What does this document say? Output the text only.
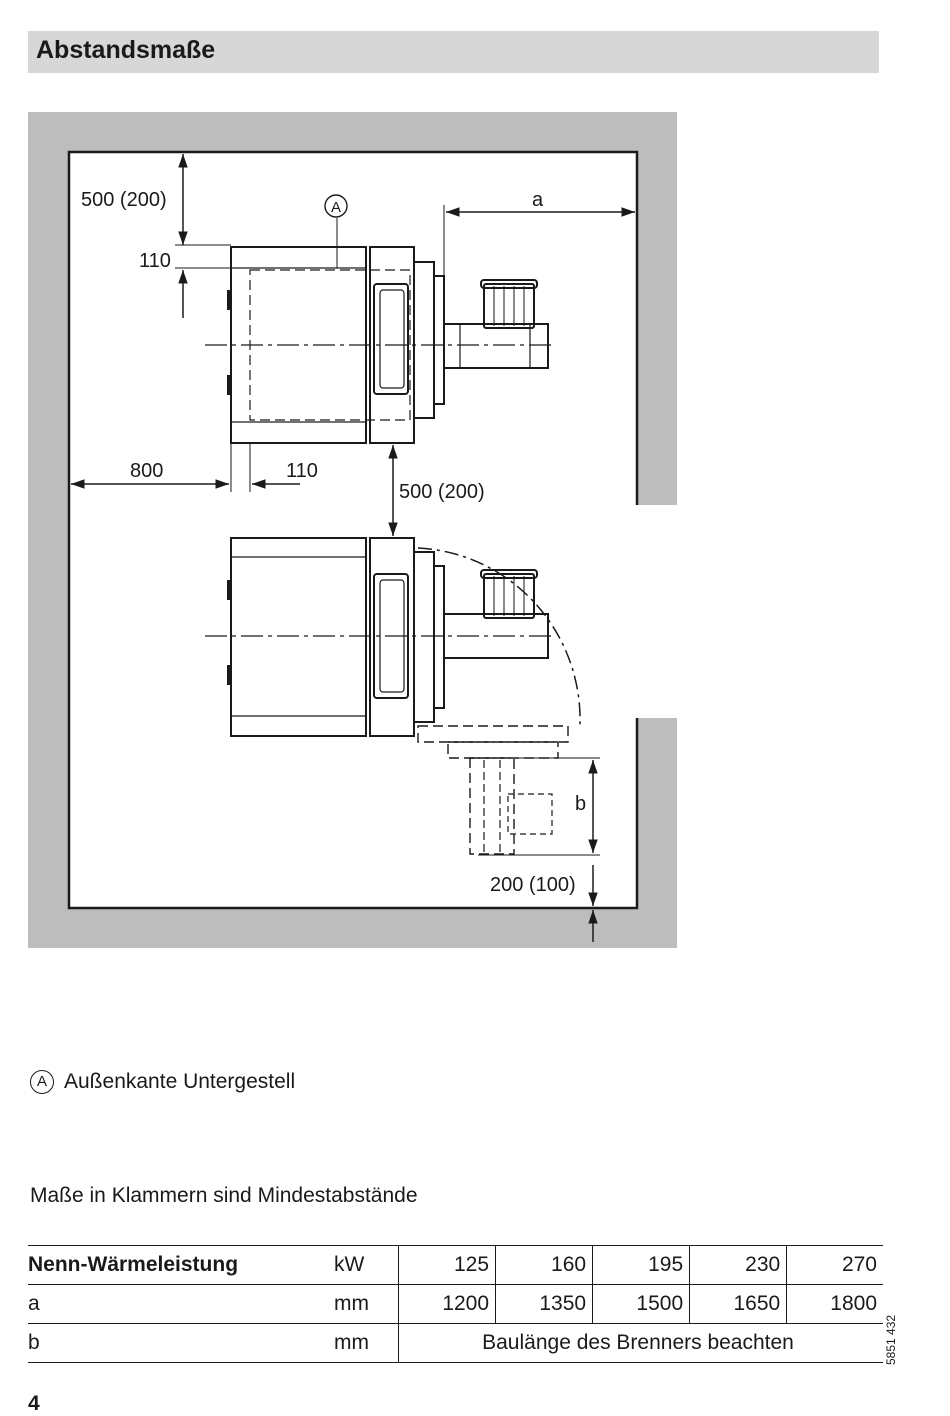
Abstandsmaße
A
500 (200)
110
a
800	110
500 (200)
b
200 (100)
A Außenkante Untergestell
Maße in Klammern sind Mindestabstände
Nenn-Wärmeleistung	kW	125	160	195	230	270
a	mm	1200	1350	1500	1650	1800
b	mm	Baulänge des Brenners beachten					5851 432
4
